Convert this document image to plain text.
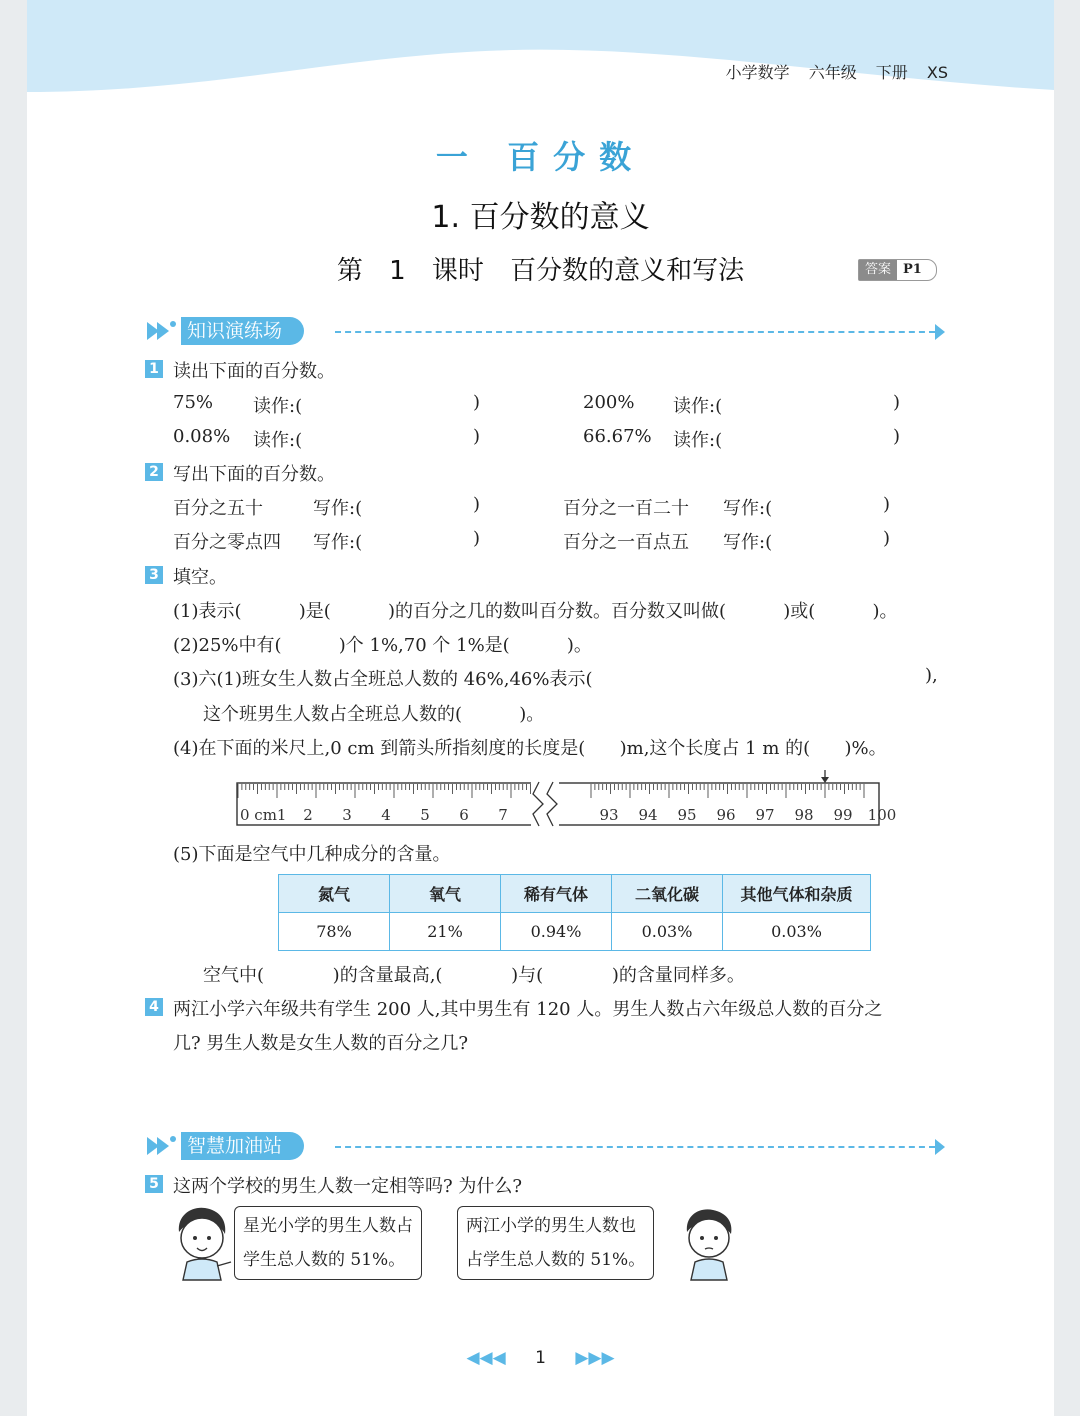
小学数学 六年级 下册 XS
一 百分数
1. 百分数的意义
第 1 课时 百分数的意义和写法	答案 P1
知识演练场
1 读出下面的百分数。
75% 读作:(	)	200% 读作:(	)
0.08% 读作:(	)	66.67% 读作:(	)
2 写出下面的百分数。
百分之五十	写作:(	)	百分之一百二十 写作:(	)
百分之零点四 写作:(	)	百分之一百点五 写作:(	)
3 填空。
(1)表示(          )是(          )的百分之几的数叫百分数。百分数又叫做(          )或(          )。
(2)25%中有(          )个 1%,70 个 1%是(          )。
(3)六(1)班女生人数占全班总人数的 46%,46%表示(	),
这个班男生人数占全班总人数的(          )。
(4)在下面的米尺上,0 cm 到箭头所指刻度的长度是(      )m,这个长度占 1 m 的(      )%。
0 cm1 2 3 4 5 6 7	93 94 95 96 97 98 99 100
(5)下面是空气中几种成分的含量。
氮气	氧气	稀有气体	二氧化碳	其他气体和杂质
78%	21%	0.94%	0.03%	0.03%
空气中(            )的含量最高,(            )与(            )的含量同样多。
4 两江小学六年级共有学生 200 人,其中男生有 120 人。男生人数占六年级总人数的百分之
几? 男生人数是女生人数的百分之几?
智慧加油站
5 这两个学校的男生人数一定相等吗? 为什么?
星光小学的男生人数占
学生总人数的 51%。
两江小学的男生人数也
占学生总人数的 51%。
◀◀◀ 1 ▶▶▶
